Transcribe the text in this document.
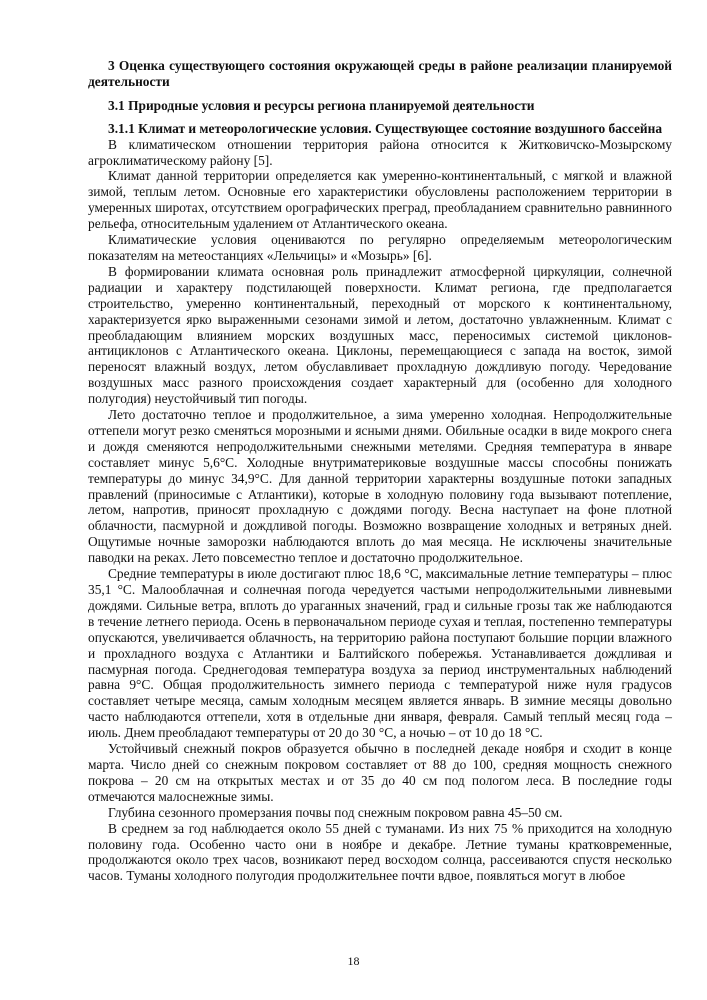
3 Оценка существующего состояния окружающей среды в районе реализации планируемой деятельности

3.1 Природные условия и ресурсы региона планируемой деятельности

3.1.1 Климат и метеорологические условия. Существующее состояние воздушного бассейна

В климатическом отношении территория района относится к Житковичско-Мозырскому агроклиматическому району [5].

Климат данной территории определяется как умеренно-континентальный, с мягкой и влажной зимой, теплым летом. Основные его характеристики обусловлены расположением территории в умеренных широтах, отсутствием орографических преград, преобладанием сравнительно равнинного рельефа, относительным удалением от Атлантического океана.

Климатические условия оцениваются по регулярно определяемым метеорологическим показателям на метеостанциях «Лельчицы» и «Мозырь» [6].

В формировании климата основная роль принадлежит атмосферной циркуляции, солнечной радиации и характеру подстилающей поверхности. Климат региона, где предполагается строительство, умеренно континентальный, переходный от морского к континентальному, характеризуется ярко выраженными сезонами зимой и летом, достаточно увлажненным. Климат с преобладающим влиянием морских воздушных масс, переносимых системой циклонов-антициклонов с Атлантического океана. Циклоны, перемещающиеся с запада на восток, зимой переносят влажный воздух, летом обуславливает прохладную дождливую погоду. Чередование воздушных масс разного происхождения создает характерный для (особенно для холодного полугодия) неустойчивый тип погоды.

Лето достаточно теплое и продолжительное, а зима умеренно холодная. Непродолжительные оттепели могут резко сменяться морозными и ясными днями. Обильные осадки в виде мокрого снега и дождя сменяются непродолжительными снежными метелями. Средняя температура в январе составляет минус 5,6°С. Холодные внутриматериковые воздушные массы способны понижать температуры до минус 34,9°С. Для данной территории характерны воздушные потоки западных правлений (приносимые с Атлантики), которые в холодную половину года вызывают потепление, летом, напротив, приносят прохладную с дождями погоду. Весна наступает на фоне плотной облачности, пасмурной и дождливой погоды. Возможно возвращение холодных и ветряных дней. Ощутимые ночные заморозки наблюдаются вплоть до мая месяца. Не исключены значительные паводки на реках. Лето повсеместно теплое и достаточно продолжительное.

Средние температуры в июле достигают плюс 18,6 °С, максимальные летние температуры – плюс 35,1 °С. Малооблачная и солнечная погода чередуется частыми непродолжительными ливневыми дождями. Сильные ветра, вплоть до ураганных значений, град и сильные грозы так же наблюдаются в течение летнего периода. Осень в первоначальном периоде сухая и теплая, постепенно температуры опускаются, увеличивается облачность, на территорию района поступают большие порции влажного и прохладного воздуха с Атлантики и Балтийского побережья. Устанавливается дождливая и пасмурная погода. Среднегодовая температура воздуха за период инструментальных наблюдений равна 9°С. Общая продолжительность зимнего периода с температурой ниже нуля градусов составляет четыре месяца, самым холодным месяцем является январь. В зимние месяцы довольно часто наблюдаются оттепели, хотя в отдельные дни января, февраля. Самый теплый месяц года – июль. Днем преобладают температуры от 20 до 30 °С, а ночью – от 10 до 18 °С.

Устойчивый снежный покров образуется обычно в последней декаде ноября и сходит в конце марта. Число дней со снежным покровом составляет от 88 до 100, средняя мощность снежного покрова – 20 см на открытых местах и от 35 до 40 см под пологом леса. В последние годы отмечаются малоснежные зимы.

Глубина сезонного промерзания почвы под снежным покровом равна 45–50 см.

В среднем за год наблюдается около 55 дней с туманами. Из них 75 % приходится на холодную половину года. Особенно часто они в ноябре и декабре. Летние туманы кратковременные, продолжаются около трех часов, возникают перед восходом солнца, рассеиваются спустя несколько часов. Туманы холодного полугодия продолжительнее почти вдвое, появляться могут в любое

18
